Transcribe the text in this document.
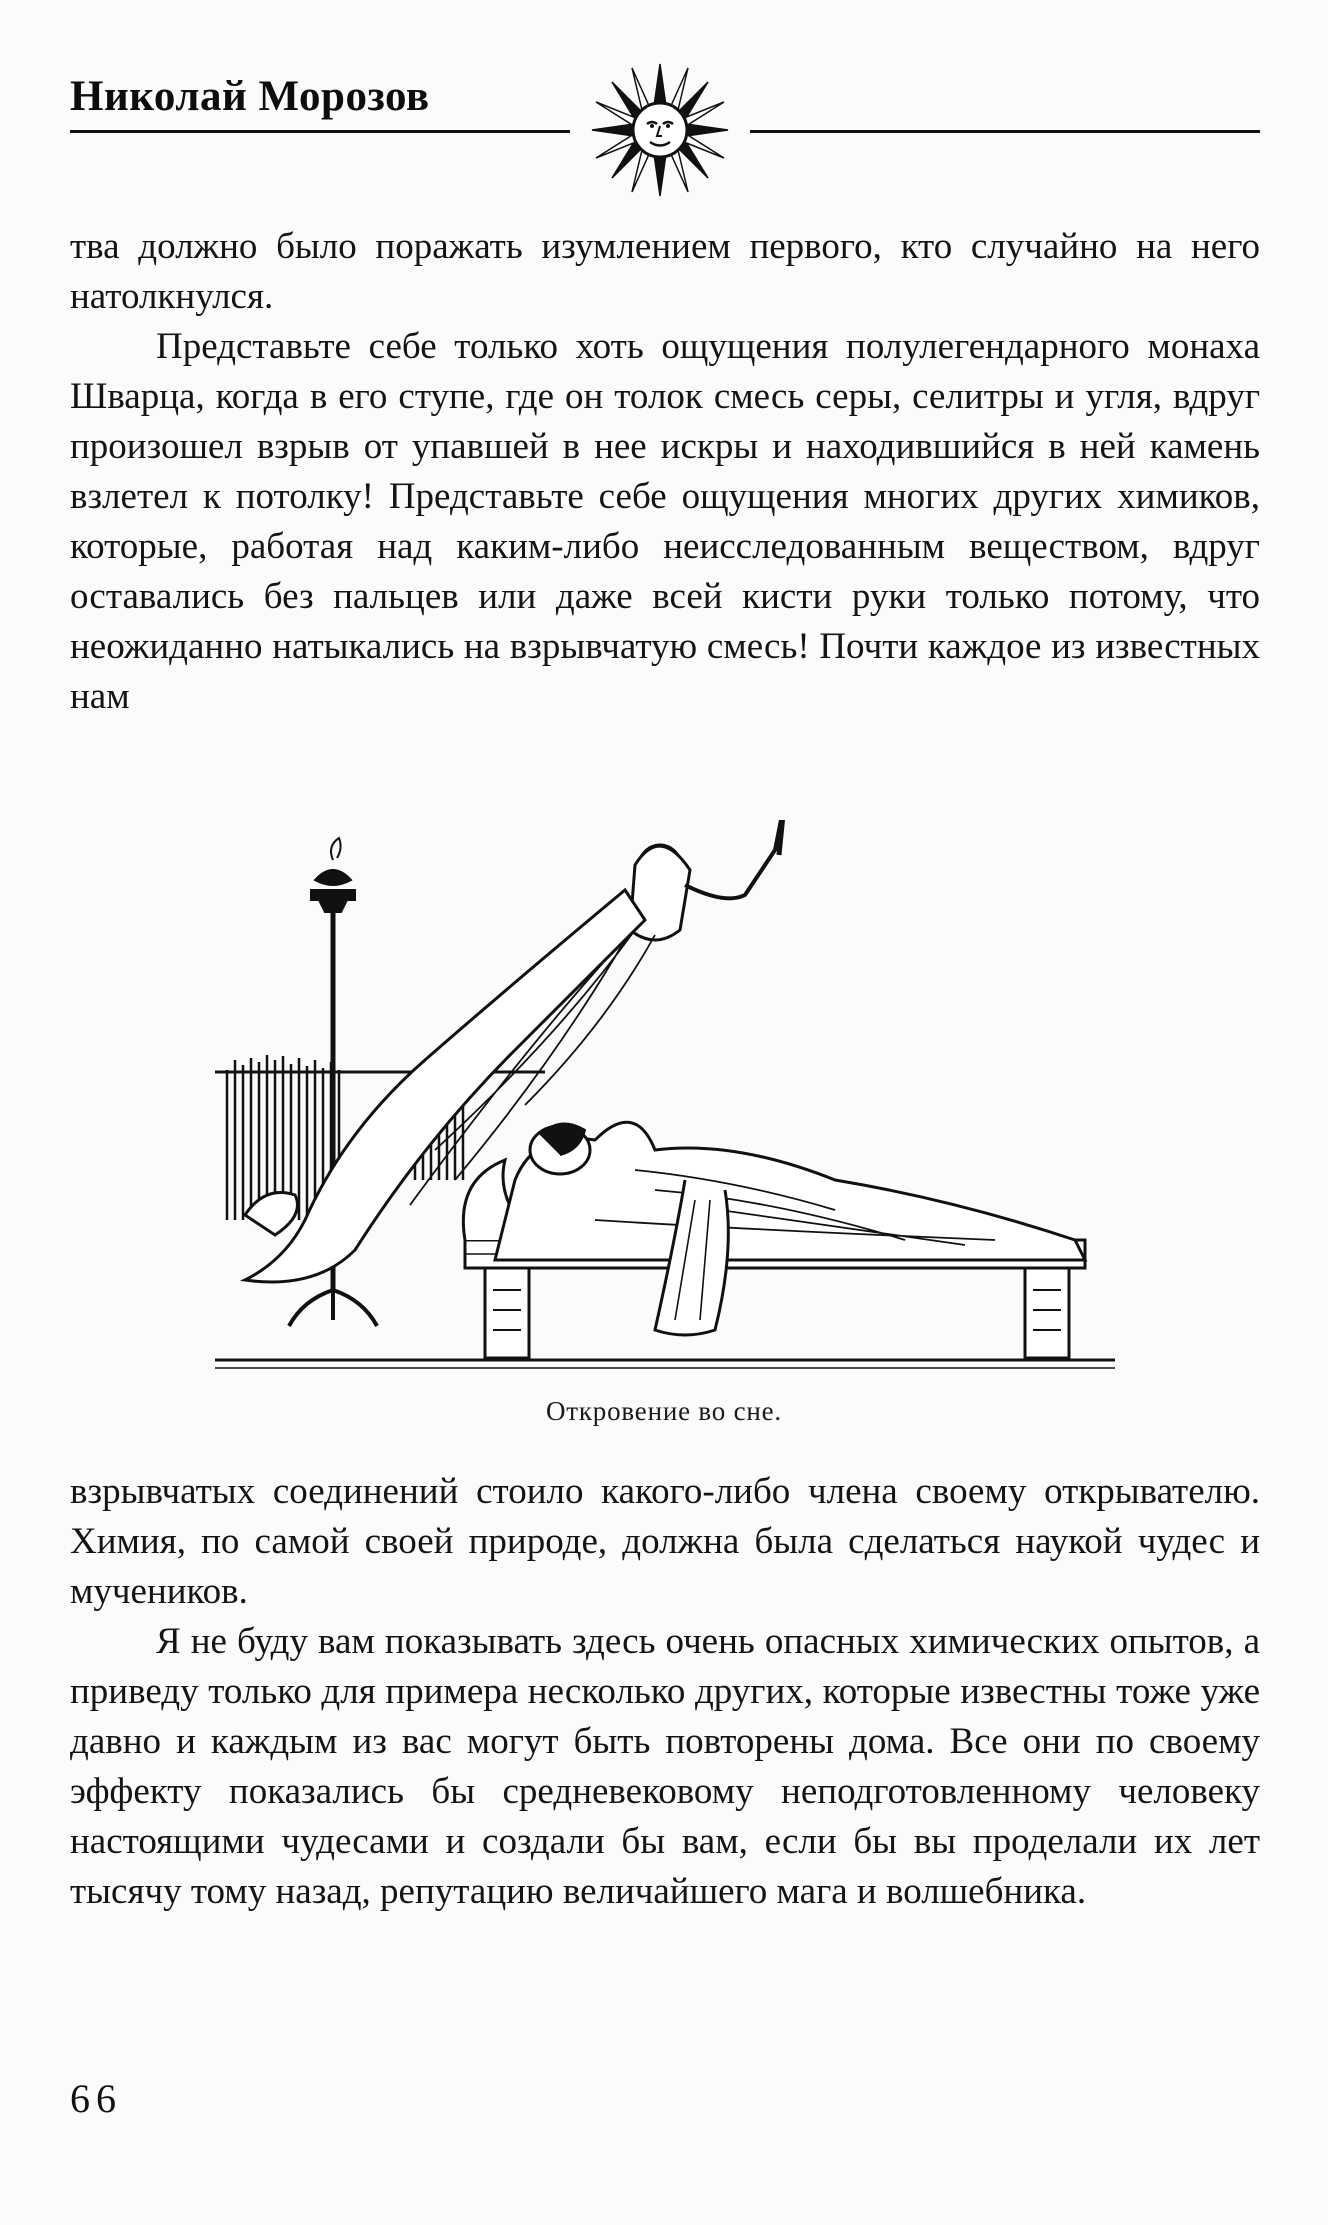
Николай Морозов

тва должно было поражать изумлением первого, кто случайно на него натолкнулся.

Представьте себе только хоть ощущения полулегендарного монаха Шварца, когда в его ступе, где он толок смесь серы, селитры и угля, вдруг произошел взрыв от упавшей в нее искры и находившийся в ней камень взлетел к потолку! Представьте себе ощущения многих других химиков, которые, работая над каким-либо неисследованным веществом, вдруг оставались без пальцев или даже всей кисти руки только потому, что неожиданно натыкались на взрывчатую смесь! Почти каждое из известных нам

Откровение во сне.

взрывчатых соединений стоило какого-либо члена своему открывателю. Химия, по самой своей природе, должна была сделаться наукой чудес и мучеников.

Я не буду вам показывать здесь очень опасных химических опытов, а приведу только для примера несколько других, которые известны тоже уже давно и каждым из вас могут быть повторены дома. Все они по своему эффекту показались бы средневековому неподготовленному человеку настоящими чудесами и создали бы вам, если бы вы проделали их лет тысячу тому назад, репутацию величайшего мага и волшебника.

66
